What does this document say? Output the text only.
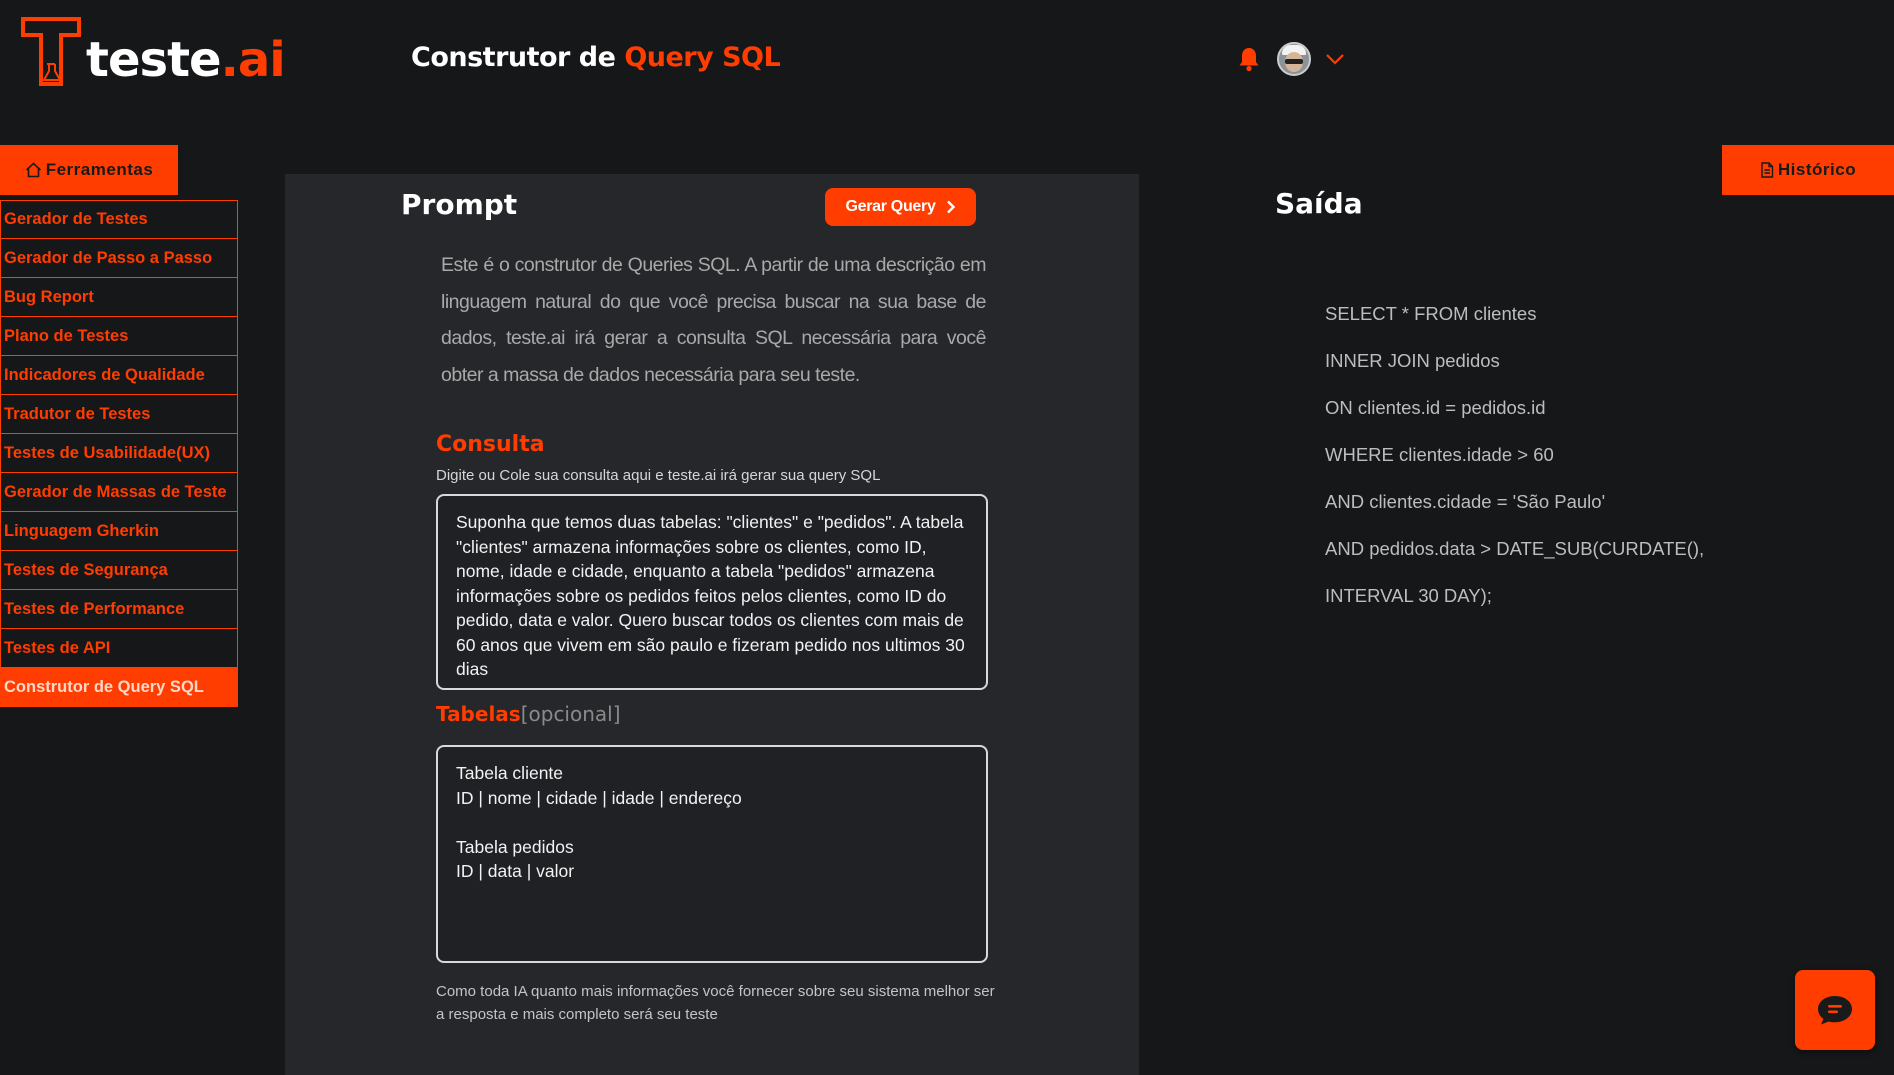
teste.ai	Construtor de Query SQL
Ferramentas
Gerador de Testes
Gerador de Passo a Passo
Bug Report
Plano de Testes
Indicadores de Qualidade
Tradutor de Testes
Testes de Usabilidade(UX)
Gerador de Massas de Teste
Linguagem Gherkin
Testes de Segurança
Testes de Performance
Testes de API
Construtor de Query SQL
Histórico
Prompt	Gerar Query
Este é o construtor de Queries SQL. A partir de uma descrição em linguagem natural do que você precisa buscar na sua base de dados, teste.ai irá gerar a consulta SQL necessária para você obter a massa de dados necessária para seu teste.
Consulta
Digite ou Cole sua consulta aqui e teste.ai irá gerar sua query SQL
Suponha que temos duas tabelas: "clientes" e "pedidos". A tabela "clientes" armazena informações sobre os clientes, como ID, nome, idade e cidade, enquanto a tabela "pedidos" armazena informações sobre os pedidos feitos pelos clientes, como ID do pedido, data e valor. Quero buscar todos os clientes com mais de 60 anos que vivem em são paulo e fizeram pedido nos ultimos 30 dias
Tabelas[opcional]
Tabela cliente
ID | nome | cidade | idade | endereço

Tabela pedidos
ID | data | valor
Como toda IA quanto mais informações você fornecer sobre seu sistema melhor ser a resposta e mais completo será seu teste
Saída
SELECT * FROM clientes
INNER JOIN pedidos
ON clientes.id = pedidos.id
WHERE clientes.idade > 60
AND clientes.cidade = 'São Paulo'
AND pedidos.data > DATE_SUB(CURDATE(),
INTERVAL 30 DAY);
